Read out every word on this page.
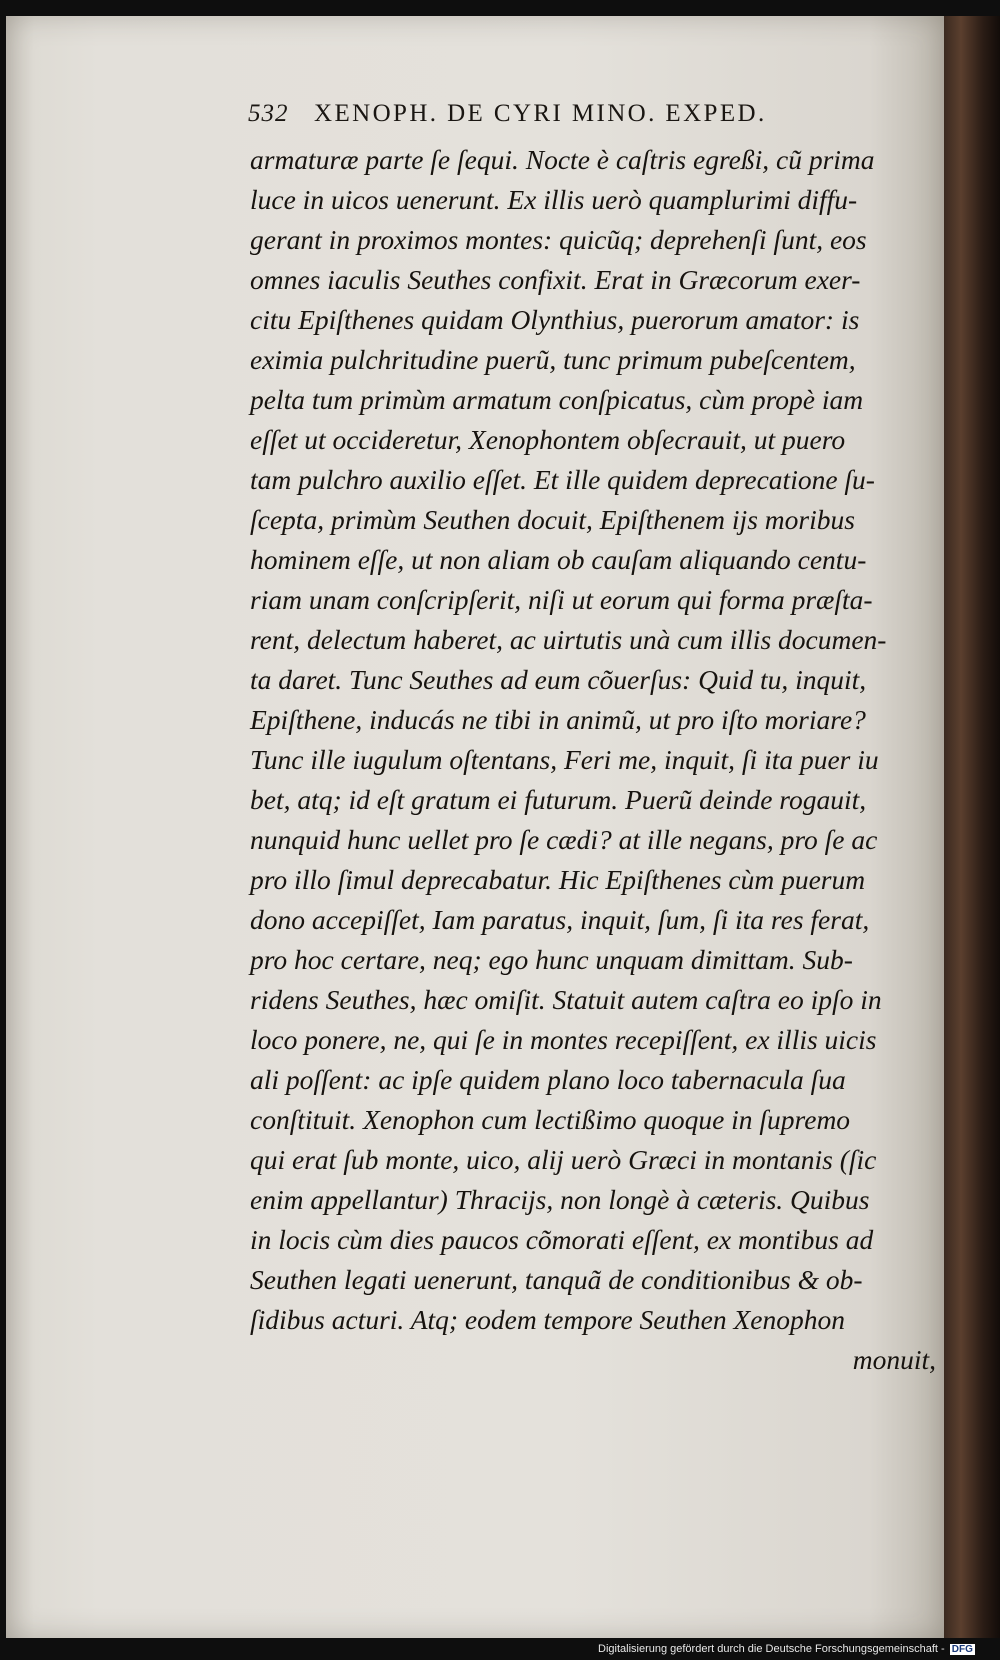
532 XENOPH. DE CYRI MINO. EXPED.
armaturæ parte ſe ſequi. Nocte è caſtris egreßi, cũ prima
luce in uicos uenerunt. Ex illis uerò quamplurimi diffu-
gerant in proximos montes: quicũq; deprehenſi ſunt, eos
omnes iaculis Seuthes confixit. Erat in Græcorum exer-
citu Epiſthenes quidam Olynthius, puerorum amator: is
eximia pulchritudine puerũ, tunc primum pubeſcentem,
pelta tum primùm armatum conſpicatus, cùm propè iam
eſſet ut occideretur, Xenophontem obſecrauit, ut puero
tam pulchro auxilio eſſet. Et ille quidem deprecatione ſu-
ſcepta, primùm Seuthen docuit, Epiſthenem ijs moribus
hominem eſſe, ut non aliam ob cauſam aliquando centu-
riam unam conſcripſerit, niſi ut eorum qui forma præſta-
rent, delectum haberet, ac uirtutis unà cum illis documen-
ta daret. Tunc Seuthes ad eum cõuerſus: Quid tu, inquit,
Epiſthene, inducás ne tibi in animũ, ut pro iſto moriare?
Tunc ille iugulum oſtentans, Feri me, inquit, ſi ita puer iu
bet, atq; id eſt gratum ei futurum. Puerũ deinde rogauit,
nunquid hunc uellet pro ſe cædi? at ille negans, pro ſe ac
pro illo ſimul deprecabatur. Hic Epiſthenes cùm puerum
dono accepiſſet, Iam paratus, inquit, ſum, ſi ita res ferat,
pro hoc certare, neq; ego hunc unquam dimittam. Sub-
ridens Seuthes, hæc omiſit. Statuit autem caſtra eo ipſo in
loco ponere, ne, qui ſe in montes recepiſſent, ex illis uicis
ali poſſent: ac ipſe quidem plano loco tabernacula ſua
conſtituit. Xenophon cum lectißimo quoque in ſupremo
qui erat ſub monte, uico, alij uerò Græci in montanis (ſic
enim appellantur) Thracijs, non longè à cæteris. Quibus
in locis cùm dies paucos cõmorati eſſent, ex montibus ad
Seuthen legati uenerunt, tanquã de conditionibus & ob-
ſidibus acturi. Atq; eodem tempore Seuthen Xenophon
monuit,
Digitalisierung gefördert durch die Deutsche Forschungsgemeinschaft - DFG
